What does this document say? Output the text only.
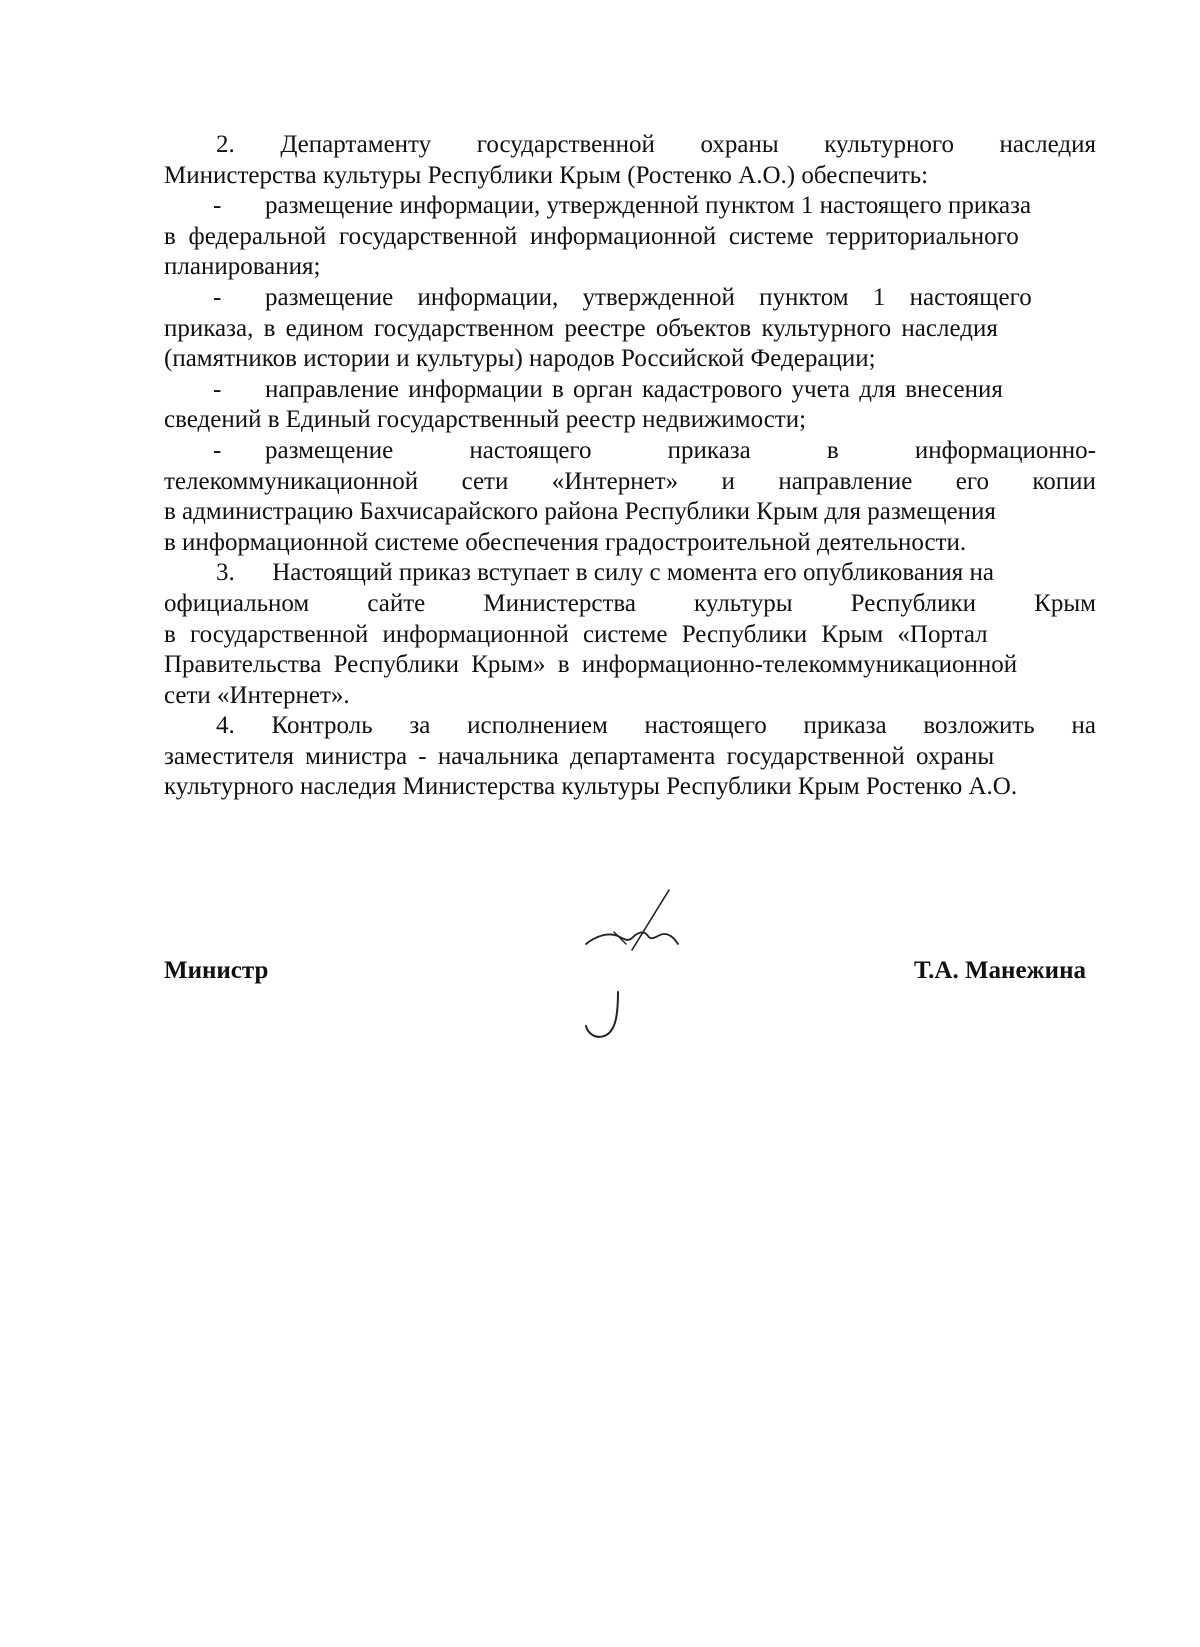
2. Департаменту государственной охраны культурного наследия
Министерства культуры Республики Крым (Ростенко А.О.) обеспечить:
-	размещение информации, утвержденной пунктом 1 настоящего приказа
в федеральной государственной информационной системе территориального
планирования;
-	размещение информации, утвержденной пунктом 1 настоящего
приказа, в едином государственном реестре объектов культурного наследия
(памятников истории и культуры) народов Российской Федерации;
-	направление информации в орган кадастрового учета для внесения
сведений в Единый государственный реестр недвижимости;
-	размещение	настоящего	приказа	в	информационно-
телекоммуникационной сети «Интернет» и направление его копии
в администрацию Бахчисарайского района Республики Крым для размещения
в информационной системе обеспечения градостроительной деятельности.
3.      Настоящий приказ вступает в силу с момента его опубликования на
официальном сайте Министерства культуры Республики Крым
в государственной информационной системе Республики Крым «Портал
Правительства Республики Крым» в информационно-телекоммуникационной
сети «Интернет».
4. Контроль за исполнением настоящего приказа возложить на
заместителя министра - начальника департамента государственной охраны
культурного наследия Министерства культуры Республики Крым Ростенко А.О.
Министр	Т.А. Манежина
